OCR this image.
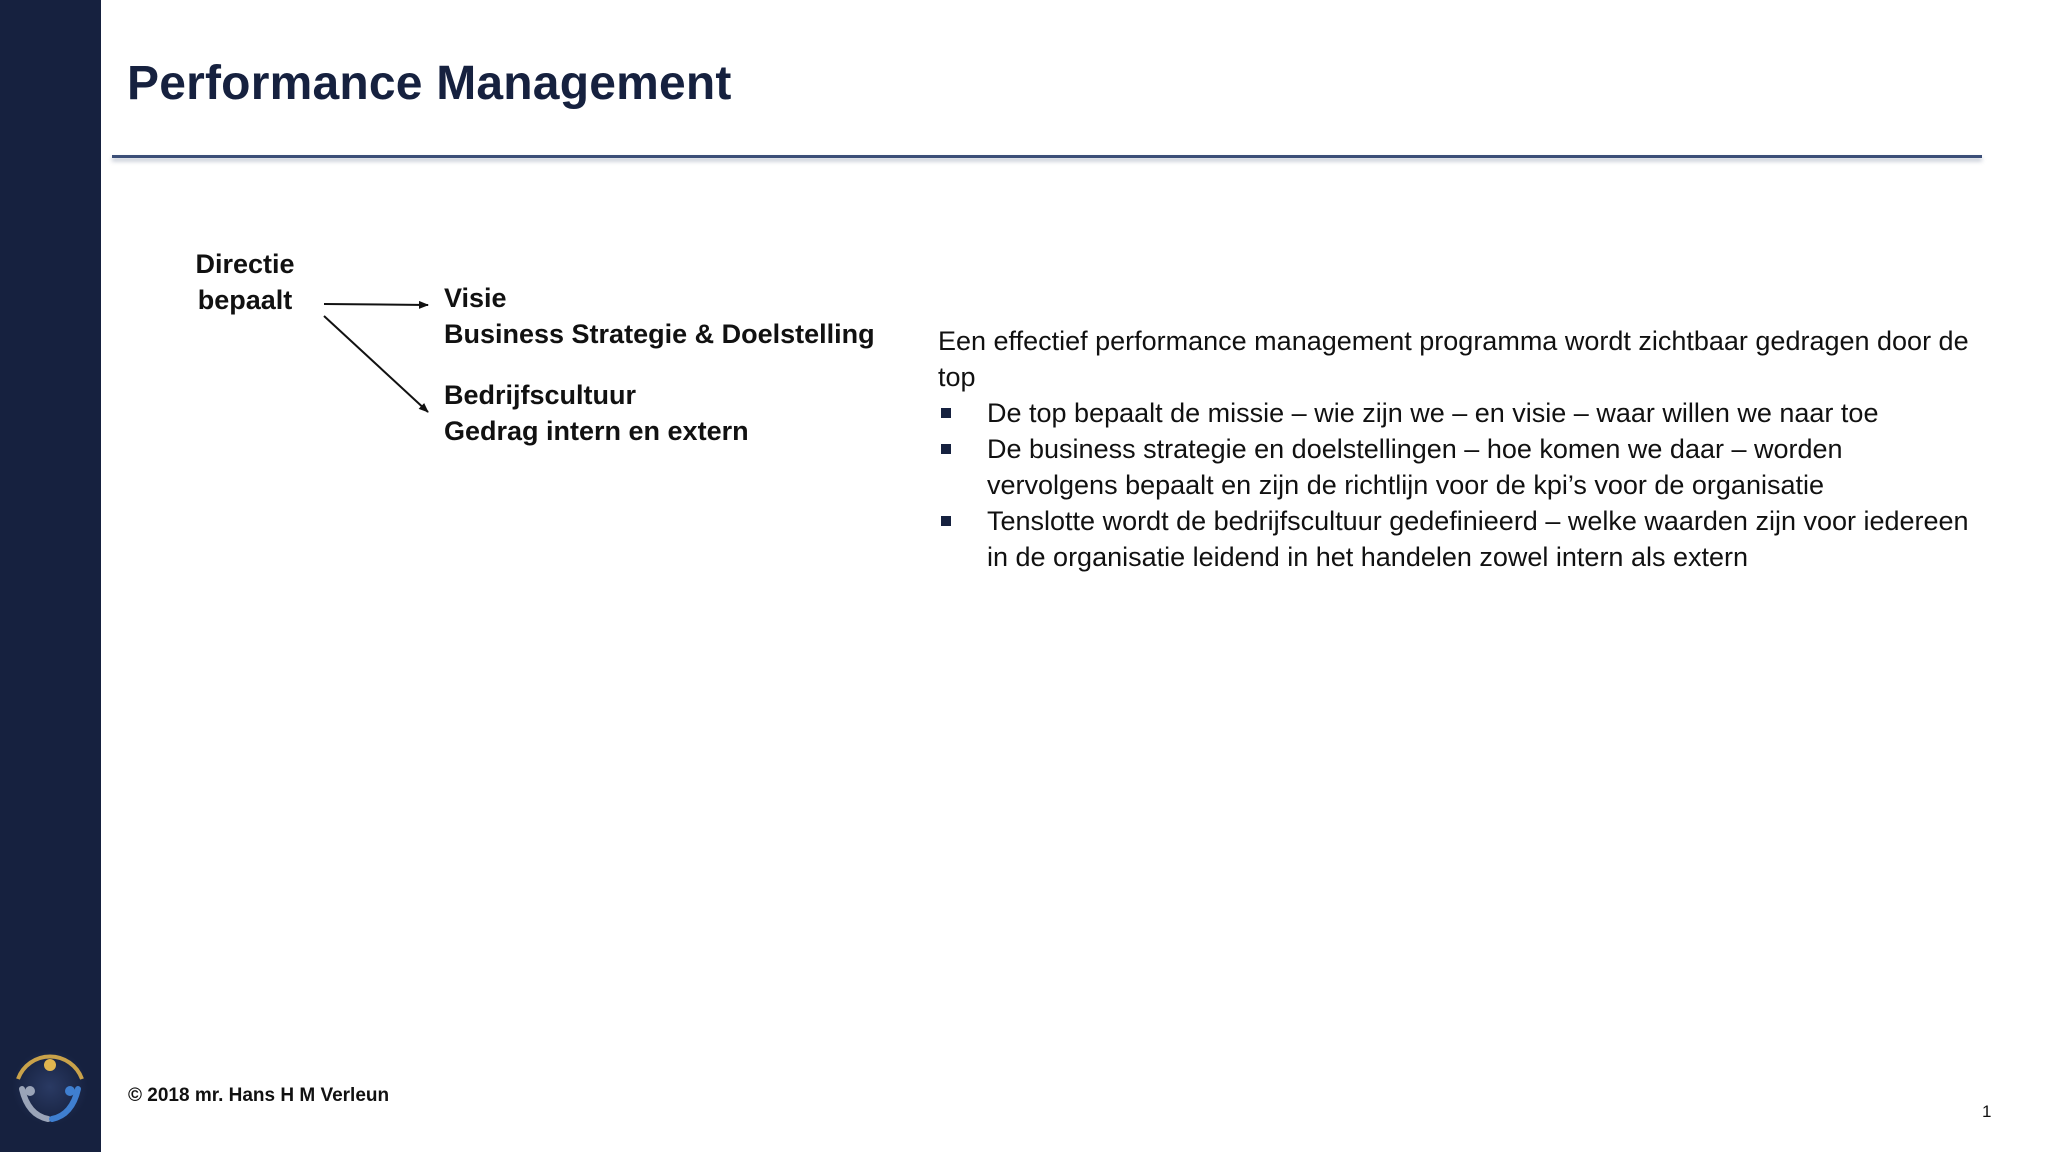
Performance Management
Directie
bepaalt	Visie
Business Strategie & Doelstelling
Bedrijfscultuur
Gedrag intern en extern

Een effectief performance management programma wordt zichtbaar gedragen door de top

De top bepaalt de missie – wie zijn we – en visie – waar willen we naar toe
De business strategie en doelstellingen – hoe komen we daar – worden vervolgens bepaalt en zijn de richtlijn voor de kpi’s voor de organisatie
Tenslotte wordt de bedrijfscultuur gedefinieerd – welke waarden zijn voor iedereen in de organisatie leidend in het handelen zowel intern als extern
© 2018 mr. Hans H M Verleun
1
